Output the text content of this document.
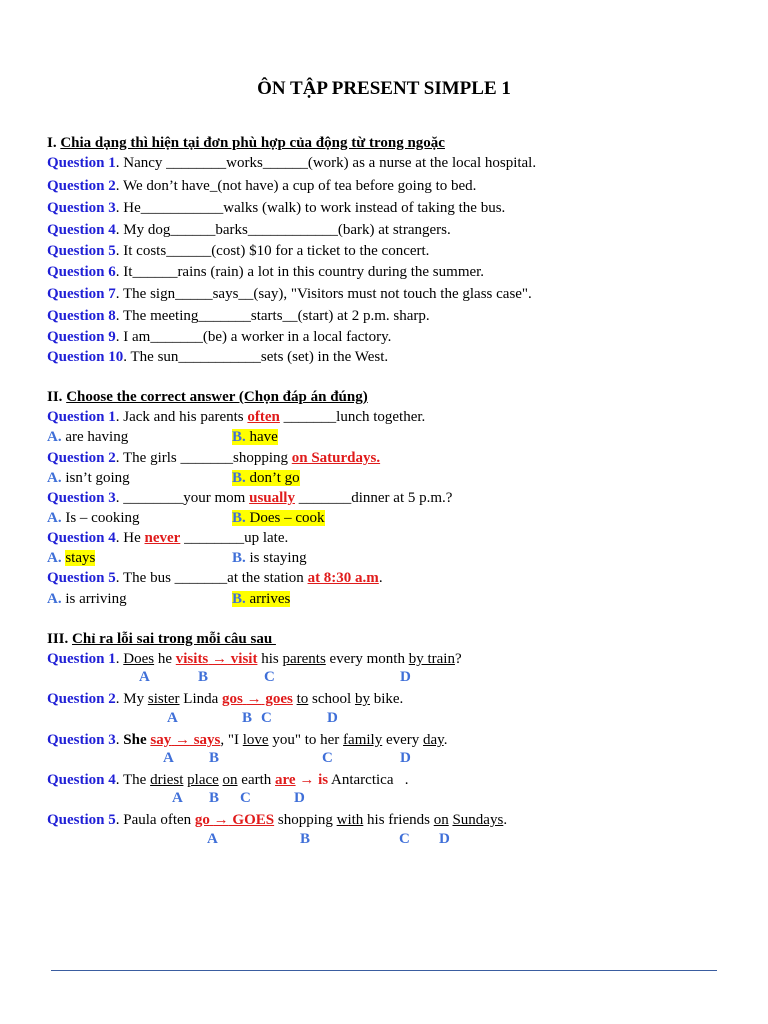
ÔN TẬP PRESENT SIMPLE 1
I. Chia dạng thì hiện tại đơn phù hợp của động từ trong ngoặc
Question 1. Nancy ________works______(work) as a nurse at the local hospital.
Question 2. We don’t have_(not have) a cup of tea before going to bed.
Question 3. He___________walks (walk) to work instead of taking the bus.
Question 4. My dog______barks____________(bark) at strangers.
Question 5. It costs______(cost) $10 for a ticket to the concert.
Question 6. It______rains (rain) a lot in this country during the summer.
Question 7. The sign_____says__(say), "Visitors must not touch the glass case".
Question 8. The meeting_______starts__(start) at 2 p.m. sharp.
Question 9. I am_______(be) a worker in a local factory.
Question 10. The sun___________sets (set) in the West.
II. Choose the correct answer (Chọn đáp án đúng)
Question 1. Jack and his parents often _______lunch together.
A. are having	B. have
Question 2. The girls _______shopping on Saturdays.
A. isn’t going	B. don’t go
Question 3. ________your mom usually _______dinner at 5 p.m.?
A. Is – cooking	B. Does – cook
Question 4. He never ________up late.
A. stays	B. is staying
Question 5. The bus _______at the station at 8:30 a.m.
A. is arriving	B. arrives
III. Chỉ ra lỗi sai trong mỗi câu sau
Question 1. Does he visits → visit his parents every month by train?
A	B	C	D
Question 2. My sister Linda gos → goes to school by bike.
A	B C	D
Question 3. She say → says, "I love you" to her family every day.
A B	C	D
Question 4. The driest place on earth are → is Antarctica   .
A B C	D
Question 5. Paula often go → GOES shopping with his friends on Sundays.
A	B	C D
